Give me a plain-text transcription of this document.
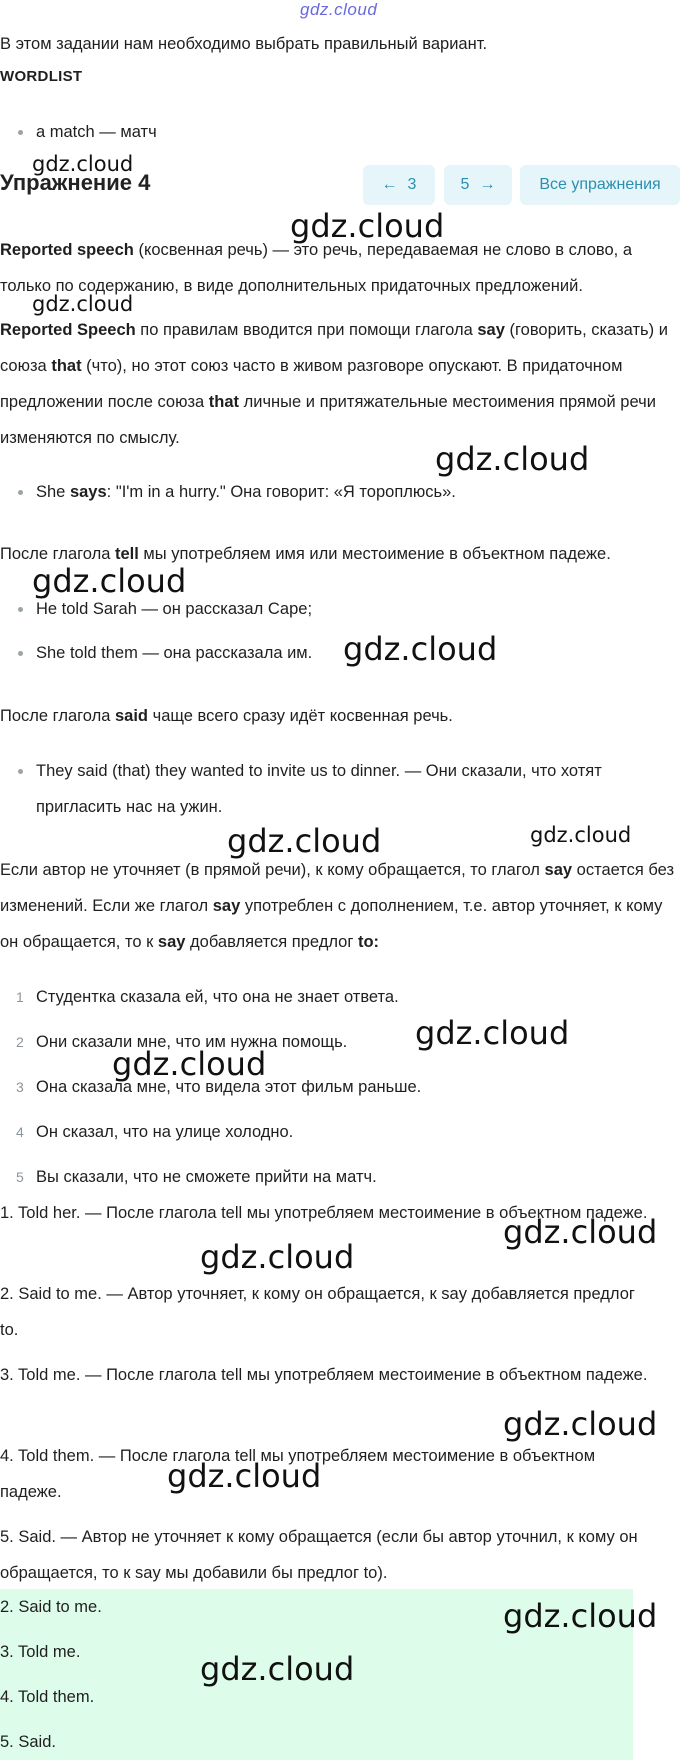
gdz.cloud
В этом задании нам необходимо выбрать правильный вариант.
WORDLIST
a match — матч
Упражнение 4	← 3	5 →	Все упражнения
Reported speech (косвенная речь) — это речь, передаваемая не слово в слово, а только по содержанию, в виде дополнительных придаточных предложений.
Reported Speech по правилам вводится при помощи глагола say (говорить, сказать) и союза that (что), но этот союз часто в живом разговоре опускают. В придаточном предложении после союза that личные и притяжательные местоимения прямой речи изменяются по смыслу.
She says: "I'm in a hurry." Она говорит: «Я тороплюсь».
После глагола tell мы употребляем имя или местоимение в объектном падеже.
He told Sarah — он рассказал Саре;
She told them — она рассказала им.
После глагола said чаще всего сразу идёт косвенная речь.
They said (that) they wanted to invite us to dinner. — Они сказали, что хотят пригласить нас на ужин.
Если автор не уточняет (в прямой речи), к кому обращается, то глагол say остается без изменений. Если же глагол say употреблен с дополнением, т.е. автор уточняет, к кому он обращается, то к say добавляется предлог to:
1 Студентка сказала ей, что она не знает ответа.
2 Они сказали мне, что им нужна помощь.
3 Она сказала мне, что видела этот фильм раньше.
4 Он сказал, что на улице холодно.
5 Вы сказали, что не сможете прийти на матч.
1. Told her. — После глагола tell мы употребляем местоимение в объектном падеже.
2. Said to me. — Автор уточняет, к кому он обращается, к say добавляется предлог to.
3. Told me. — После глагола tell мы употребляем местоимение в объектном падеже.
4. Told them. — После глагола tell мы употребляем местоимение в объектном падеже.
5. Said. — Автор не уточняет к кому обращается (если бы автор уточнил, к кому он обращается, то к say мы добавили бы предлог to).
2. Said to me.
3. Told me.
4. Told them.
5. Said.
gdz.cloud
gdz.cloud
gdz.cloud
gdz.cloud
gdz.cloud
gdz.cloud
gdz.cloud	gdz.cloud
gdz.cloud
gdz.cloud
gdz.cloud
gdz.cloud
gdz.cloud
gdz.cloud
gdz.cloud
gdz.cloud
